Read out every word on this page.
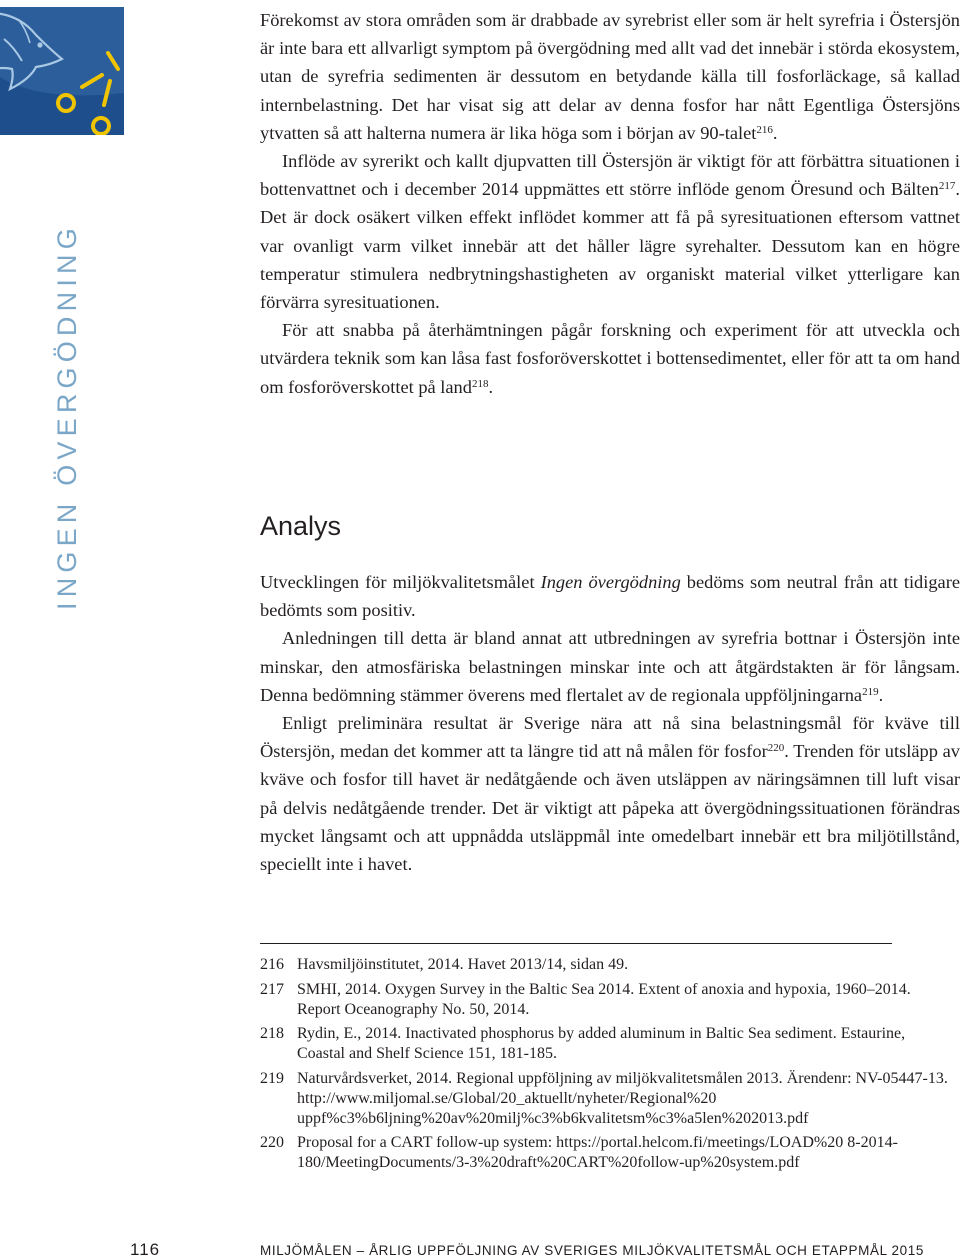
INGEN ÖVERGÖDNING

Förekomst av stora områden som är drabbade av syrebrist eller som är helt syrefria i Östersjön är inte bara ett allvarligt symptom på övergödning med allt vad det innebär i störda ekosystem, utan de syrefria sedimenten är dessutom en betydande källa till fosforläckage, så kallad internbelastning. Det har visat sig att delar av denna fosfor har nått Egentliga Östersjöns ytvatten så att halterna numera är lika höga som i början av 90-talet$^{216}$.

Inflöde av syrerikt och kallt djupvatten till Östersjön är viktigt för att förbättra situationen i bottenvattnet och i december 2014 uppmättes ett större inflöde genom Öresund och Bälten$^{217}$. Det är dock osäkert vilken effekt inflödet kommer att få på syresituationen eftersom vattnet var ovanligt varm vilket innebär att det håller lägre syrehalter. Dessutom kan en högre temperatur stimulera nedbrytningshastigheten av organiskt material vilket ytterligare kan förvärra syresituationen.

För att snabba på återhämtningen pågår forskning och experiment för att utveckla och utvärdera teknik som kan låsa fast fosforöverskottet i bottensedimentet, eller för att ta om hand om fosforöverskottet på land$^{218}$.

Analys

Utvecklingen för miljökvalitetsmålet Ingen övergödning bedöms som neutral från att tidigare bedömts som positiv.

Anledningen till detta är bland annat att utbredningen av syrefria bottnar i Östersjön inte minskar, den atmosfäriska belastningen minskar inte och att åtgärdstakten är för långsam. Denna bedömning stämmer överens med flertalet av de regionala uppföljningarna$^{219}$.

Enligt preliminära resultat är Sverige nära att nå sina belastningsmål för kväve till Östersjön, medan det kommer att ta längre tid att nå målen för fosfor$^{220}$. Trenden för utsläpp av kväve och fosfor till havet är nedåtgående och även utsläppen av näringsämnen till luft visar på delvis nedåtgående trender. Det är viktigt att påpeka att övergödningssituationen förändras mycket långsamt och att uppnådda utsläppmål inte omedelbart innebär ett bra miljötillstånd, speciellt inte i havet.

216 Havsmiljöinstitutet, 2014. Havet 2013/14, sidan 49.
217 SMHI, 2014. Oxygen Survey in the Baltic Sea 2014. Extent of anoxia and hypoxia, 1960–2014. Report Oceanography No. 50, 2014.
218 Rydin, E., 2014. Inactivated phosphorus by added aluminum in Baltic Sea sediment. Estaurine, Coastal and Shelf Science 151, 181-185.
219 Naturvårdsverket, 2014. Regional uppföljning av miljökvalitetsmålen 2013. Ärendenr: NV-05447-13. http://www.miljomal.se/Global/20_aktuellt/nyheter/Regional%20 uppf%c3%b6ljning%20av%20milj%c3%b6kvalitetsm%c3%a5len%202013.pdf
220 Proposal for a CART follow-up system: https://portal.helcom.fi/meetings/LOAD%20 8-2014-180/MeetingDocuments/3-3%20draft%20CART%20follow-up%20system.pdf
116	MILJÖMÅLEN – ÅRLIG UPPFÖLJNING AV SVERIGES MILJÖKVALITETSMÅL OCH ETAPPMÅL 2015
